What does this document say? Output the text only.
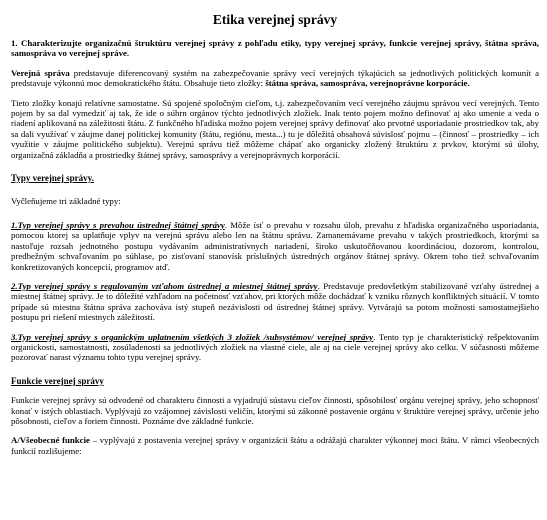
Etika verejnej správy

1. Charakterizujte organizačnú štruktúru verejnej správy z pohľadu etiky, typy verejnej správy, funkcie verejnej správy, štátna správa, samospráva vo verejnej správe.

Verejná správa predstavuje diferencovaný systém na zabezpečovanie správy vecí verejných týkajúcich sa jednotlivých politických komunít a predstavuje výkonnú moc demokratického štátu. Obsahuje tieto zložky: štátna správa, samospráva, verejnoprávne korporácie.

Tieto zložky konajú relatívne samostatne. Sú spojené spoločným cieľom, t.j. zabezpečovaním vecí verejného záujmu správou vecí verejných. Tento pojem by sa dal vymedziť aj tak, že ide o súhrn orgánov týchto jednotlivých zložiek. Inak tento pojem možno definovať aj ako umenie a veda o riadení aplikovaná na záležitosti štátu. Z funkčného hľadiska možno pojem verejnej správy definovať ako prvotné usporiadanie prostriedkov tak, aby sa dali využívať v záujme danej politickej komunity (štátu, regiónu, mesta...) tu je dôležitá obsahová súvislosť pojmu – (činnosť – prostriedky – ich využitie v záujme politického subjektu). Verejnú správu tiež môžeme chápať ako organicky zložený štruktúru z prvkov, ktorými sú úlohy, organizačná základňa a prostriedky štátnej správy, samosprávy a verejnoprávnych korporácií.

Typy verejnej správy.

Vyčleňujeme tri základné typy:

1.Typ verejnej správy s prevahou ústrednej štátnej správy. Môže ísť o prevahu v rozsahu úloh, prevahu z hľadiska organizačného usporiadania, pomocou ktorej sa uplatňuje vplyv na verejnú správu alebo len na štátnu správu. Zamanemávame prevahu v takých prostriedkoch, ktorými sa nastoľuje rozsah jednotného postupu vydávaním administratívnych nariadení, široko uskutočňovanou koordináciou, dozorom, kontrolou, predbežným schvaľovaním po súhlase, po zisťovaní stanovísk príslušných ústredných orgánov štátnej správy. Okrem toho tiež schvaľovaním konkretizovaných koncepcií, programov atď.

2.Typ verejnej správy s regulovaným vzťahom ústrednej a miestnej štátnej správy. Predstavuje predovšetkým stabilizované vzťahy ústrednej a miestnej štátnej správy. Je to dôležité vzhľadom na početnosť vzťahov, pri ktorých môže dochádzať k vzniku rôznych konfliktných situácií. V tomto prípade sú miestna štátna správa zachováva istý stupeň nezávislosti od ústrednej štátnej správy. Vytvárajú sa potom možnosti samostatnejšieho postupu pri riešení miestnych záležitostí.

3.Typ verejnej správy s organickým uplatnením všetkých 3 zložiek /subsystémov/ verejnej správy. Tento typ je charakteristický rešpektovaním organickosti, samostatnosti, zosúladenosti sa jednotlivých zložiek na vlastné ciele, ale aj na ciele verejnej správy ako celku. V súčasnosti môžeme pozorovať narast významu tohto typu verejnej správy.

Funkcie verejnej správy

Funkcie verejnej správy sú odvodené od charakteru činnosti a vyjadrujú sústavu cieľov činnosti, spôsobilosť orgánu verejnej správy, jeho schopnosť konať v istých oblastiach. Vyplývajú zo vzájomnej závislosti veličín, ktorými sú zákonné postavenie orgánu v štruktúre verejnej správy, určenie jeho pôsobnosti, cieľov a foriem činnosti. Poznáme dve základné funkcie.

A/Všeobecné funkcie – vyplývajú z postavenia verejnej správy v organizácii štátu a odrážajú charakter výkonnej moci štátu. V rámci všeobecných funkcií rozlišujeme:
